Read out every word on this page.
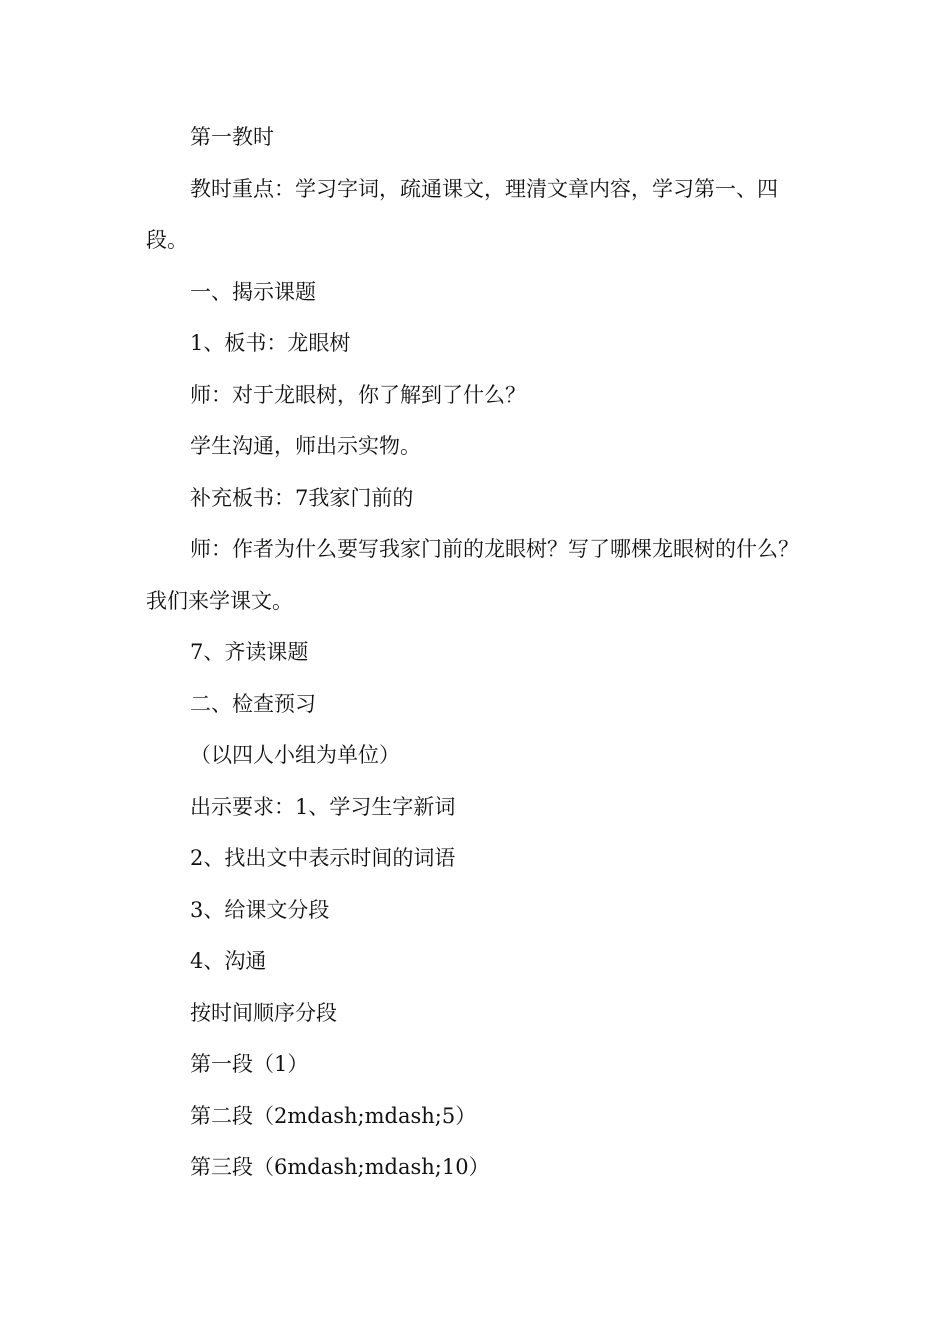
第一教时

教时重点：学习字词，疏通课文，理清文章内容，学习第一、四段。

一、揭示课题

1、板书：龙眼树

师：对于龙眼树，你了解到了什么？

学生沟通，师出示实物。

补充板书：7我家门前的

师：作者为什么要写我家门前的龙眼树？写了哪棵龙眼树的什么？我们来学课文。

7、齐读课题

二、检查预习

（以四人小组为单位）

出示要求：1、学习生字新词

2、找出文中表示时间的词语

3、给课文分段

4、沟通

按时间顺序分段

第一段（1）

第二段（2mdash;mdash;5）

第三段（6mdash;mdash;10）
